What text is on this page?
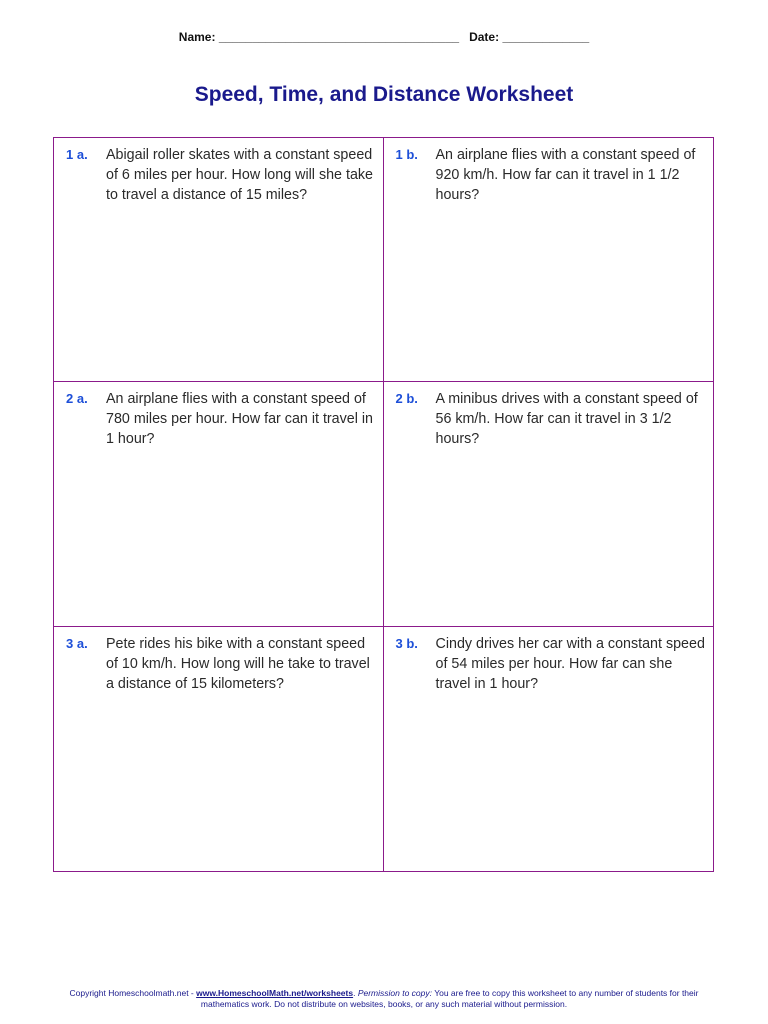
Name: ____________________________________   Date: _____________
Speed, Time, and Distance Worksheet
1 a.	Abigail roller skates with a constant speed of 6 miles per hour. How long will she take to travel a distance of 15 miles?
1 b.	An airplane flies with a constant speed of 920 km/h. How far can it travel in 1 1/2 hours?
2 a.	An airplane flies with a constant speed of 780 miles per hour. How far can it travel in 1 hour?
2 b.	A minibus drives with a constant speed of 56 km/h. How far can it travel in 3 1/2 hours?
3 a.	Pete rides his bike with a constant speed of 10 km/h. How long will he take to travel a distance of 15 kilometers?
3 b.	Cindy drives her car with a constant speed of 54 miles per hour. How far can she travel in 1 hour?
Copyright Homeschoolmath.net - www.HomeschoolMath.net/worksheets. Permission to copy: You are free to copy this worksheet to any number of students for their mathematics work. Do not distribute on websites, books, or any such material without permission.
